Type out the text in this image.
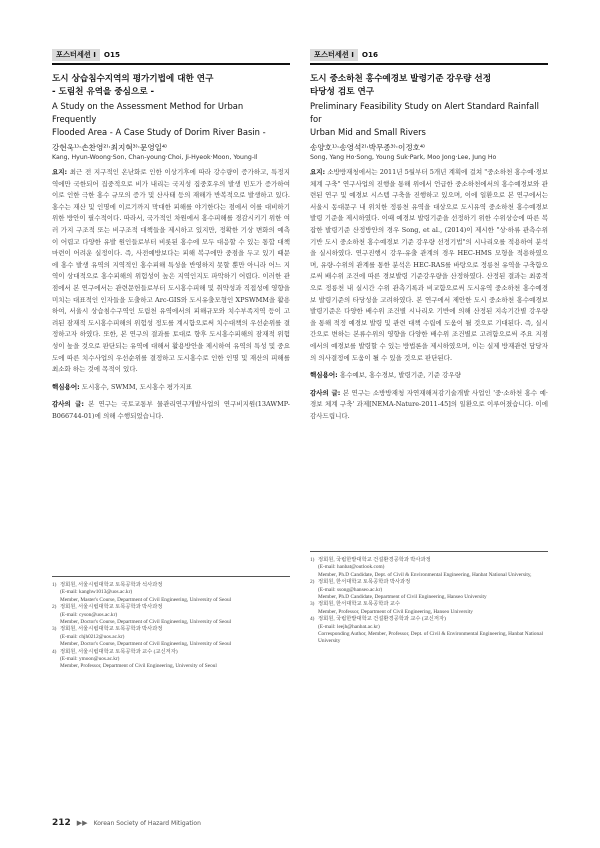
포스터세션 I	O15
도시 상습침수지역의 평가기법에 대한 연구
- 도림천 유역을 중심으로 -
A Study on the Assessment Method for Urban Frequently
Flooded Area - A Case Study of Dorim River Basin -
강현욱¹⁾·손찬영²⁾·최지혁³⁾·문영일⁴⁾
Kang, Hyun-Woong·Son, Chan-young·Choi, Ji-Hyeok·Moon, Young-Il
요지: 최근 전 지구적인 온난화로 인한 이상기후에 따라 강수량이 증가하고, 특정지역에만 국한되어 집중적으로 비가 내리는 국지성 집중호우의 발생 빈도가 증가하여 이로 인한 극한 홍수 규모의 증가 및 산사태 등의 재해가 반복적으로 발생하고 있다. 홍수는 재산 및 인명에 이르기까지 막대한 피해를 야기한다는 점에서 이를 대비하기 위한 방안이 필수적이다. 따라서, 국가적인 차원에서 홍수피해를 경감시키기 위한 여러 가지 구조적 또는 비구조적 대책들을 제시하고 있지만, 정확한 기상 변화의 예측이 어렵고 다양한 유발 원인들로부터 비롯된 홍수에 모두 대응할 수 있는 통합 대책 마련이 어려운 실정이다. 즉, 사전예방보다는 피해 복구에만 중점을 두고 있기 때문에 홍수 발생 유역의 지역적인 홍수피해 특성을 반영하지 못할 뿐만 아니라 어느 지역이 상대적으로 홍수피해의 위험성이 높은 지역인지도 파악하기 어렵다. 이러한 관점에서 본 연구에서는 관련문헌들로부터 도시홍수피해 및 취약성과 직접성에 영향을 미치는 대표적인 인자들을 도출하고 Arc-GIS와 도시유출모형인 XPSWMM을 활용하여, 서울시 상습침수구역인 도림천 유역에서의 피해규모와 치수부족지역 등이 고려된 잠재적 도시홍수피해의 위험성 정도를 계시함으로써 치수대책의 우선순위를 결정하고자 하였다. 또한, 본 연구의 결과를 토대로 향후 도시홍수피해의 잠재적 위험성이 높을 것으로 판단되는 유역에 대해서 활용방안을 제시하여 유역의 특성 및 중요도에 따른 치수사업의 우선순위를 결정하고 도시홍수로 인한 인명 및 재산의 피해를 최소화 하는 것에 목적이 있다.
핵심용어: 도시홍수, SWMM, 도시홍수 평가지표
감사의 글: 본 연구는 국토교통부 물관리연구개발사업의 연구비지원(13AWMP-B066744-01)에 의해 수행되었습니다.
1) 정회원, 서울시립대학교 토목공학과 석사과정
(E-mail: kanghw1013@uos.ac.kr)
Member, Master's Course, Department of Civil Engineering, University of Seoul
2) 정회원, 서울시립대학교 토목공학과 박사과정
(E-mail: cyson@uos.ac.kr)
Member, Doctor's Course, Department of Civil Engineering, University of Seoul
3) 정회원, 서울시립대학교 토목공학과 박사과정
(E-mail: chjh0212@uos.ac.kr)
Member, Doctor's Course, Department of Civil Engineering, University of Seoul
4) 정회원, 서울시립대학교 토목공학과 교수 (교신저자)
(E-mail: ymoon@uos.ac.kr)
Member, Professor, Department of Civil Engineering, University of Seoul
포스터세션 I	O16
도시 중소하천 홍수예경보 발령기준 강우량 선정
타당성 검토 연구
Preliminary Feasibility Study on Alert Standard Rainfall for
Urban Mid and Small Rivers
송양호¹⁾·송영석²⁾·박무종³⁾·이정호⁴⁾
Song, Yang Ho·Song, Young Suk·Park, Moo Jong·Lee, Jung Ho
요지: 소방방재청에서는 2011년 5월부터 5개년 계획에 걸쳐 "중소하천 홍수예·경보 체계 구축" 연구사업의 진행을 통해 위에서 언급한 중소하천에서의 홍수예경보와 관련된 연구 및 예경보 시스템 구축을 진행하고 있으며, 이에 일환으로 본 연구에서는 서울시 동대문구 내 위치한 정릉천 유역을 대상으로 도시유역 중소하천 홍수예경보 발령 기준을 제시하였다. 이때 예경보 발령기준을 선정하기 위한 수위상승에 따른 복잡한 발령기준 산정방안의 경우 Song, et al., (2014)이 제시한 "상·하류 관측수위 기반 도시 중소하천 홍수예경보 기준 강우량 선정기법"의 시나리오를 적용하여 분석을 실시하였다. 연구진행시 강우-유출 관계의 경우 HEC-HMS 모형을 적용하였으며, 유량-수위의 관계를 통한 분석은 HEC-RAS를 바탕으로 정릉천 유역을 구축함으로써 배수위 조건에 따른 경보발령 기준강우량을 산정하였다. 산정된 결과는 최종적으로 정릉천 내 실시간 수위 관측기록과 비교함으로써 도시유역 중소하천 홍수예경보 발령기준의 타당성을 고려하였다. 본 연구에서 제안한 도시 중소하천 홍수예경보 발령기준은 다양한 배수위 조건별 시나리오 기반에 의해 산정된 지속기간별 강우량을 통해 적정 예경보 발령 및 관련 대책 수립에 도움이 될 것으로 기대된다. 즉, 실시간으로 변하는 본류수위의 영향을 다양한 배수위 조건별로 고려함으로써 주요 지점에서의 예경보를 발령할 수 있는 방법론을 제시하였으며, 이는 실제 방재관련 담당자의 의사결정에 도움이 될 수 있을 것으로 판단된다.
핵심용어: 홍수예보, 홍수경보, 발령기준, 기준 강우량
감사의 글: 본 연구는 소방방재청 자연재해저감기술개발 사업인 '중·소하천 홍수 예·경보 체계 구축' 과제[NEMA-Nature-2011-45]의 일환으로 이루어졌습니다. 이에 감사드립니다.
1) 정회원, 국립한밭대학교 건설환경공학과 박사과정
(E-mail: hanbat@outlook.com)
Member, Ph.D Candidate, Dept. of Civil & Environmental Engineering, Hanbat National University,
2) 정회원, 한서대학교 토목공학과 박사과정
(E-mail: ssong@hanseo.ac.kr)
Member, Ph.D Candidate, Department of Civil Engineering, Hanseo University
3) 정회원, 한서대학교 토목공학과 교수
Member, Professor, Department of Civil Engineering, Hanseo University
4) 정회원, 국립한밭대학교 건설환경공학과 교수 (교신저자)
(E-mail: leejh@hanbat.ac.kr)
Corresponding Author, Member, Professor, Dept. of Civil & Environmental Engineering, Hanbat National University
212 ▶▶ Korean Society of Hazard Mitigation
